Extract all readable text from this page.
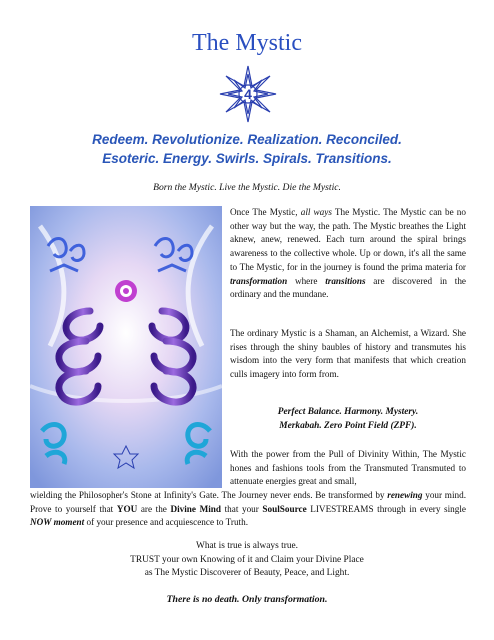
The Mystic
4

Redeem. Revolutionize. Realization. Reconciled.

Esoteric. Energy. Swirls. Spirals. Transitions.

Born the Mystic. Live the Mystic. Die the Mystic.

Once The Mystic, all ways The Mystic. The Mystic can be no other way but the way, the path. The Mystic breathes the Light aknew, anew, renewed. Each turn around the spiral brings awareness to the collective whole. Up or down, it's all the same to The Mystic, for in the journey is found the prima materia for transformation where transitions are discovered in the ordinary and the mundane.

The ordinary Mystic is a Shaman, an Alchemist, a Wizard. She rises through the shiny baubles of history and transmutes his wisdom into the very form that manifests that which creation culls imagery into form from.

Perfect Balance. Harmony. Mystery.
Merkabah. Zero Point Field (ZPF).

With the power from the Pull of Divinity Within, The Mystic hones and fashions tools from the Transmuted Transmuted to attenuate energies great and small,

wielding the Philosopher's Stone at Infinity's Gate. The Journey never ends. Be transformed by renewing your mind. Prove to yourself that YOU are the Divine Mind that your SoulSource LIVESTREAMS through in every single NOW moment of your presence and acquiescence to Truth.

What is true is always true.
TRUST your own Knowing of it and Claim your Divine Place
as The Mystic Discoverer of Beauty, Peace, and Light.

There is no death. Only transformation.
